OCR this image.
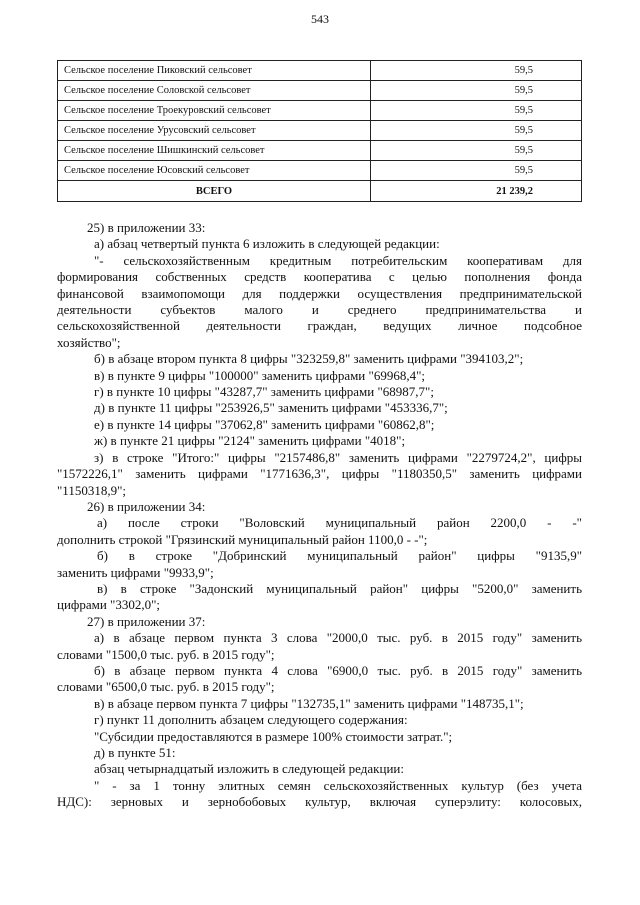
543
Сельское поселение Пиковский сельсовет	59,5
Сельское поселение Соловской сельсовет	59,5
Сельское поселение Троекуровский сельсовет	59,5
Сельское поселение Урусовский сельсовет	59,5
Сельское поселение Шишкинский сельсовет	59,5
Сельское поселение Юсовский сельсовет	59,5
ВСЕГО	21 239,2

25) в приложении 33:

а) абзац четвертый пункта 6 изложить в следующей редакции:

"- сельскохозяйственным кредитным потребительским кооперативам для

формирования собственных средств кооператива с целью пополнения фонда

финансовой взаимопомощи для поддержки осуществления предпринимательской

деятельности субъектов малого и среднего предпринимательства и

сельскохозяйственной деятельности граждан, ведущих личное подсобное

хозяйство";

б) в абзаце втором пункта 8 цифры "323259,8" заменить цифрами "394103,2";

в) в пункте 9 цифры "100000" заменить цифрами "69968,4";

г) в пункте 10 цифры "43287,7" заменить цифрами "68987,7";

д) в пункте 11 цифры "253926,5" заменить цифрами "453336,7";

е) в пункте 14 цифры "37062,8" заменить цифрами "60862,8";

ж) в пункте 21 цифры "2124" заменить цифрами "4018";

з) в строке "Итого:" цифры "2157486,8" заменить цифрами "2279724,2", цифры

"1572226,1" заменить цифрами "1771636,3", цифры "1180350,5" заменить цифрами

"1150318,9";

26) в приложении 34:

а) после строки "Воловский муниципальный район 2200,0 - -"

дополнить строкой "Грязинский муниципальный район 1100,0 - -";

б) в строке "Добринский муниципальный район" цифры "9135,9"

заменить цифрами "9933,9";

в) в строке "Задонский муниципальный район" цифры "5200,0" заменить

цифрами "3302,0";

27) в приложении 37:

а) в абзаце первом пункта 3 слова "2000,0 тыс. руб. в 2015 году" заменить

словами "1500,0 тыс. руб. в 2015 году";

б) в абзаце первом пункта 4 слова "6900,0 тыс. руб. в 2015 году" заменить

словами "6500,0 тыс. руб. в 2015 году";

в) в абзаце первом пункта 7 цифры "132735,1" заменить цифрами "148735,1";

г) пункт 11 дополнить абзацем следующего содержания:

"Субсидии предоставляются в размере 100% стоимости затрат.";

д) в пункте 51:

абзац четырнадцатый изложить в следующей редакции:

" - за 1 тонну элитных семян сельскохозяйственных культур (без учета

НДС): зерновых и зернобобовых культур, включая суперэлиту: колосовых,
